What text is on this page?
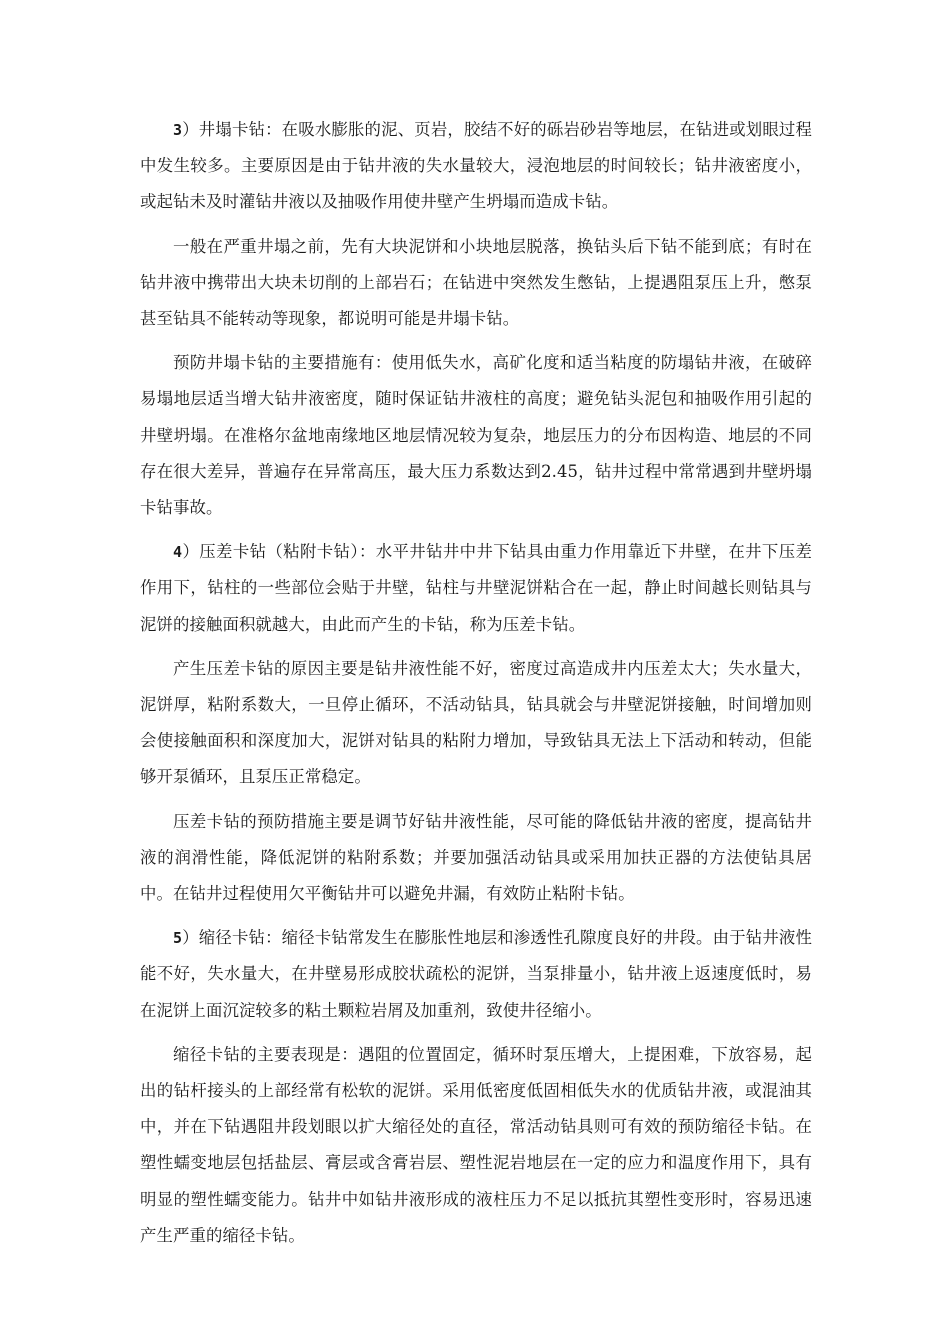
3）井塌卡钻：在吸水膨胀的泥、页岩，胶结不好的砾岩砂岩等地层，在钻进或划眼过程中发生较多。主要原因是由于钻井液的失水量较大，浸泡地层的时间较长；钻井液密度小，或起钻未及时灌钻井液以及抽吸作用使井壁产生坍塌而造成卡钻。

一般在严重井塌之前，先有大块泥饼和小块地层脱落，换钻头后下钻不能到底；有时在钻井液中携带出大块未切削的上部岩石；在钻进中突然发生憋钻，上提遇阻泵压上升，憋泵甚至钻具不能转动等现象，都说明可能是井塌卡钻。

预防井塌卡钻的主要措施有：使用低失水，高矿化度和适当粘度的防塌钻井液，在破碎易塌地层适当增大钻井液密度，随时保证钻井液柱的高度；避免钻头泥包和抽吸作用引起的井壁坍塌。在准格尔盆地南缘地区地层情况较为复杂，地层压力的分布因构造、地层的不同存在很大差异，普遍存在异常高压，最大压力系数达到2.45，钻井过程中常常遇到井壁坍塌卡钻事故。

4）压差卡钻（粘附卡钻）：水平井钻井中井下钻具由重力作用靠近下井壁，在井下压差作用下，钻柱的一些部位会贴于井壁，钻柱与井壁泥饼粘合在一起，静止时间越长则钻具与泥饼的接触面积就越大，由此而产生的卡钻，称为压差卡钻。

产生压差卡钻的原因主要是钻井液性能不好，密度过高造成井内压差太大；失水量大，泥饼厚，粘附系数大，一旦停止循环，不活动钻具，钻具就会与井壁泥饼接触，时间增加则会使接触面积和深度加大，泥饼对钻具的粘附力增加，导致钻具无法上下活动和转动，但能够开泵循环，且泵压正常稳定。

压差卡钻的预防措施主要是调节好钻井液性能，尽可能的降低钻井液的密度，提高钻井液的润滑性能，降低泥饼的粘附系数；并要加强活动钻具或采用加扶正器的方法使钻具居中。在钻井过程使用欠平衡钻井可以避免井漏，有效防止粘附卡钻。

5）缩径卡钻：缩径卡钻常发生在膨胀性地层和渗透性孔隙度良好的井段。由于钻井液性能不好，失水量大，在井壁易形成胶状疏松的泥饼，当泵排量小，钻井液上返速度低时，易在泥饼上面沉淀较多的粘土颗粒岩屑及加重剂，致使井径缩小。

缩径卡钻的主要表现是：遇阻的位置固定，循环时泵压增大，上提困难，下放容易，起出的钻杆接头的上部经常有松软的泥饼。采用低密度低固相低失水的优质钻井液，或混油其中，并在下钻遇阻井段划眼以扩大缩径处的直径，常活动钻具则可有效的预防缩径卡钻。在塑性蠕变地层包括盐层、膏层或含膏岩层、塑性泥岩地层在一定的应力和温度作用下，具有明显的塑性蠕变能力。钻井中如钻井液形成的液柱压力不足以抵抗其塑性变形时，容易迅速产生严重的缩径卡钻。
